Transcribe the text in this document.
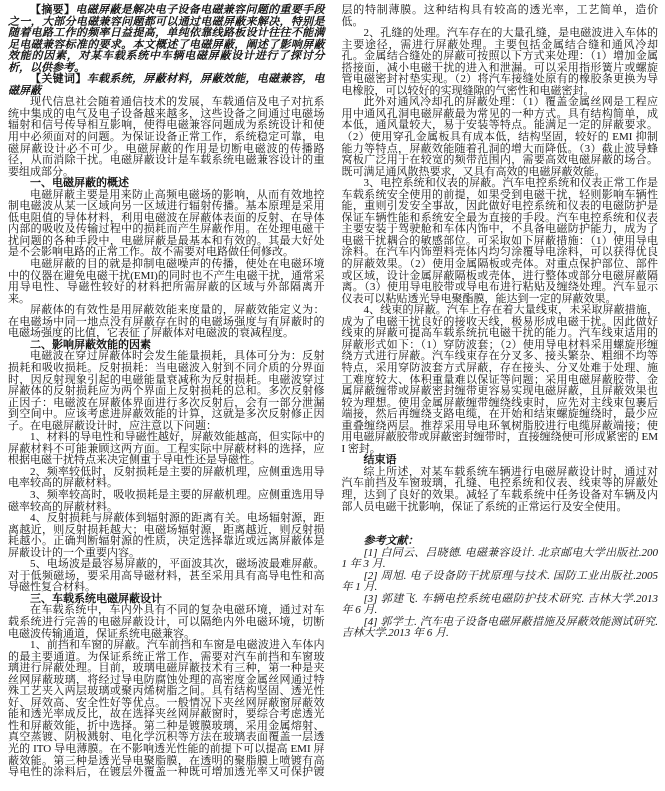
【摘要】电磁屏蔽是解决电子设备电磁兼容问题的重要手段之一，大部分电磁兼容问题都可以通过电磁屏蔽来解决，特别是随着电路工作的频率日益提高，单纯依靠线路板设计往往不能满足电磁兼容标准的要求。本文概述了电磁屏蔽，阐述了影响屏蔽效能的因素，对某车载系统中车辆电磁屏蔽设计进行了探讨分析，以供参考。

【关键词】车载系统，屏蔽材料，屏蔽效能，电磁兼容，电磁屏蔽

现代信息社会随着通信技术的发展，车载通信及电子对抗系统中集成的电气及电子设备越来越多，这些设备之间通过电磁场辐射和信号传导相互影响，使得电磁兼容问题成为系统设计和使用中必须面对的问题。为保证设备正常工作，系统稳定可靠，电磁屏蔽设计必不可少。电磁屏蔽的作用是切断电磁波的传播路径，从而消除干扰。电磁屏蔽设计是车载系统电磁兼容设计的重要组成部分。

一、电磁屏蔽的概述

电磁屏蔽主要是用来防止高频电磁场的影响，从而有效地控制电磁波从某一区域向另一区域进行辐射传播。基本原理是采用低电阻值的导体材料，利用电磁波在屏蔽体表面的反射、在导体内部的吸收及传输过程中的损耗而产生屏蔽作用。在处理电磁干扰问题的各种手段中，电磁屏蔽是最基本和有效的。其最大好处是不会影响电路的正常工作。故不需要对电路做任何修改。

电磁屏蔽的目的就是抑制电磁噪声的传播，使处在电磁环境中的仪器在避免电磁干扰(EMI)的同时也不产生电磁干扰，通常采用导电性、导磁性较好的材料把所需屏蔽的区域与外部隔离开来。

屏蔽体的有效性是用屏蔽效能来度量的，屏蔽效能定义为：在电磁场中同一地点没有屏蔽存在时的电磁场强度与有屏蔽时的电磁场强度的比值，它表征了屏蔽体对电磁波的衰减程度。

二、影响屏蔽效能的因素

电磁波在穿过屏蔽体时会发生能量损耗，具体可分为：反射损耗和吸收损耗。反射损耗：当电磁波入射到不同介质的分界面时，因反射现象引起的电磁能量衰减称为反射损耗。电磁波穿过屏蔽体的反射损耗应为两个界面上反射损耗的总和。多次反射修正因子：电磁波在屏蔽体界面进行多次反射后，会有一部分泄漏到空间中。应该考虑进屏蔽效能的计算，这就是多次反射修正因子。在电磁屏蔽设计时，应注意以下问题：

1、材料的导电性和导磁性越好，屏蔽效能越高，但实际中的屏蔽材料不可能兼顾这两方面。工程实际中屏蔽材料的选择，应根据电磁干扰特点来决定侧重于导电性还是导磁性。

2、频率较低时，反射损耗是主要的屏蔽机理，应侧重选用导电率较高的屏蔽材料。

3、频率较高时，吸收损耗是主要的屏蔽机理。应侧重选用导磁率较高的屏蔽材料。

4、反射损耗与屏蔽体到辐射源的距离有关。电场辐射源，距离越近，则反射损耗越大；电磁场辐射源，距离越近，则反射损耗越小。正确判断辐射源的性质，决定选择靠近或远离屏蔽体是屏蔽设计的一个重要内容。

5、电场波是最容易屏蔽的，平面波其次，磁场波最难屏蔽。对于低频磁场，要采用高导磁材料，甚至采用具有高导电性和高导磁性复合材料。

三、车载系统电磁屏蔽设计

在车载系统中，车内外具有不同的复杂电磁环境，通过对车载系统进行完善的电磁屏蔽设计，可以隔绝内外电磁环境，切断电磁波传输通道，保证系统电磁兼容。

1、前挡和车窗的屏蔽。汽车前挡和车窗是电磁波进入车体内的最主要通道。为保证系统正常工作，需要对汽车前挡和车窗玻璃进行屏蔽处理。目前，玻璃电磁屏蔽技术有三种，第一种是夹丝网屏蔽玻璃，将经过导电防腐蚀处理的高密度金属丝网通过特殊工艺夹入两层玻璃或聚丙烯树脂之间。具有结构坚固、透光性好、屏效高、安全性好等优点。一般情况下夹丝网屏蔽窗屏蔽效能和透光率成反比，故在选择夹丝网屏蔽窗时，要综合考虑透光性和屏蔽效能，折中选择。第二种是镀膜玻璃，采用金属熔射、真空蒸镀、阴极溅射、电化学沉积等方法在玻璃表面覆盖一层透光的 ITO 导电薄膜。在不影响透光性能的前提下可以提高 EMI 屏蔽效能。第三种是透光导电聚脂膜，在透明的聚脂膜上喷镀有高导电性的涂料后，在镀层外覆盖一种既可增加透光率又可保护镀层的特制薄膜。这种结构具有较高的透光率，工艺简单，造价低。

2、孔缝的处理。汽车存在的大量孔缝，是电磁波进入车体的主要途径，需进行屏蔽处理。主要包括金属结合缝和通风冷却孔。金属结合缝处的屏蔽可按照以下方式来处理：（1）增加金属搭接面，减小电磁干扰的进入和泄漏。可以采用指形簧片或螺旋管电磁密封衬垫实现。（2）将汽车接缝处原有的橡胶条更换为导电橡胶，可以较好的实现缝隙的气密性和电磁密封。

此外对通风冷却孔的屏蔽处理：（1）覆盖金属丝网是工程应用中通风孔洞电磁屏蔽最为常见的一种方式。具有结构简单，成本低，通风量较大，易于安装等特点。能满足一定的屏蔽要求。（2）使用穿孔金属板具有成本低，结构坚固，较好的 EMI 抑制能力等特点，屏蔽效能随着孔洞的增大而降低。（3）截止波导蜂窝板广泛用于在较宽的频带范围内，需要高效电磁屏蔽的场合。既可满足通风散热要求，又具有高效的电磁屏蔽效能。

3、电控系统和仪表的屏蔽。汽车电控系统和仪表正常工作是车载系统安全使用的前提，如果受到电磁干扰，轻则影响车辆性能，重则引发安全事故，因此做好电控系统和仪表的电磁防护是保证车辆性能和系统安全最为直接的手段。汽车电控系统和仪表主要安装于驾驶舱和车体内饰中，不具备电磁防护能力，成为了电磁干扰耦合的敏感部位。可采取如下屏蔽措施：（1）使用导电涂料。在汽车内饰塑料壳体内均匀涂覆导电涂料，可以获得优良的屏蔽效果。（2）使用金属隔板或壳体。对重点保护部位、部件或区域，设计金属屏蔽隔板或壳体，进行整体或部分电磁屏蔽隔离。（3）使用导电胶带或导电布进行粘贴及缠绕处理。汽车显示仪表可以粘贴透光导电聚酯膜，能达到一定的屏蔽效果。

4、线束的屏蔽。汽车上存在着大量线束，未采取屏蔽措施，成为了电磁干扰良好的接收天线，极易形成电磁干扰。因此做好线束的屏蔽可提高车载系统抗电磁干扰的能力。汽车线束适用的屏蔽形式如下：（1）穿防波套；（2）使用导电材料采用螺旋形缠绕方式进行屏蔽。汽车线束存在分叉多、接头繁杂、粗细不均等特点，采用穿防波套方式屏蔽，存在接头、分叉处难于处理、施工难度较大、体积重量难以保证等问题；采用电磁屏蔽胶带、金属屏蔽缠带或屏蔽密封缠带更容易实现电磁屏蔽，且屏蔽效果也较为理想。使用金属屏蔽缠带缠绕线束时，应先对主线束包裹后端接，然后再缠绕支路电缆，在开始和结束螺旋缠绕时，最少应重叠缠绕两层。推荐采用导电环氧树脂胶进行电缆屏蔽端接；使用电磁屏蔽胶带或屏蔽密封缠带时，直接缠绕便可形成紧密的 EMI 密封。

结束语

综上所述，对某车载系统车辆进行电磁屏蔽设计时，通过对汽车前挡及车窗玻璃，孔缝、电控系统和仪表、线束等的屏蔽处理，达到了良好的效果。减轻了车载系统中任务设备对车辆及内部人员电磁干扰影响，保证了系统的正常运行及安全使用。

参考文献：

[1] 白同云、吕晓德. 电磁兼容设计. 北京邮电大学出版社.2001 年 3 月.

[2] 周旭. 电子设备防干扰原理与技术. 国防工业出版社.2005 年 1 月.

[3] 郭建飞. 车辆电控系统电磁防护技术研究. 吉林大学.2013 年 6 月.

[4] 郭学士. 汽车电子设备电磁屏蔽措施及屏蔽效能测试研究. 吉林大学.2013 年 6 月.
